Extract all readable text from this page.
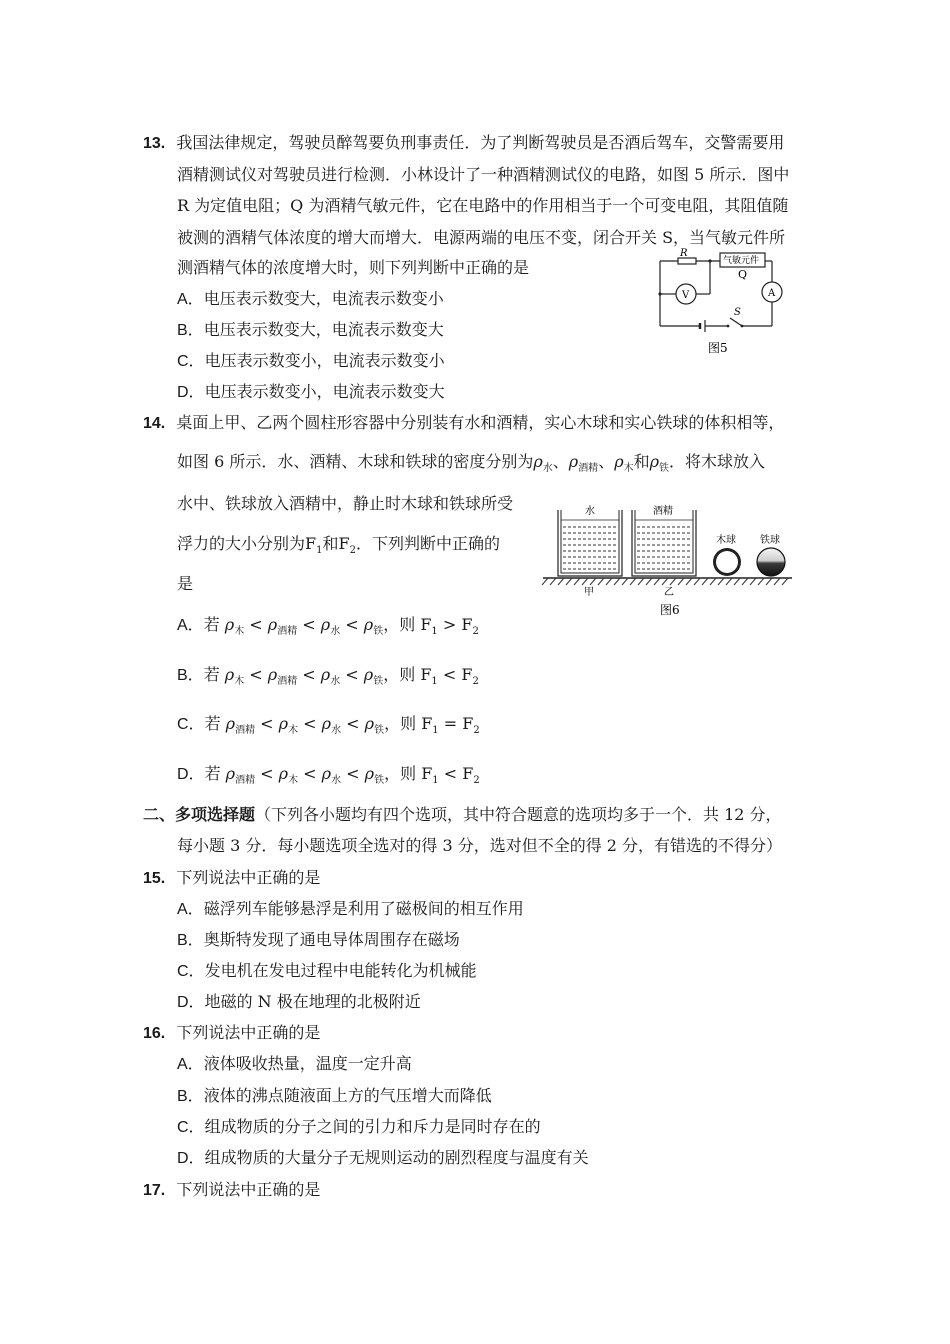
13. 我国法律规定，驾驶员醉驾要负刑事责任．为了判断驾驶员是否酒后驾车，交警需要用
酒精测试仪对驾驶员进行检测．小林设计了一种酒精测试仪的电路，如图 5 所示．图中
R 为定值电阻；Q 为酒精气敏元件，它在电路中的作用相当于一个可变电阻，其阻值随
被测的酒精气体浓度的增大而增大．电源两端的电压不变，闭合开关 S，当气敏元件所
测酒精气体的浓度增大时，则下列判断中正确的是
A．电压表示数变大，电流表示数变小
B．电压表示数变大，电流表示数变大
C．电压表示数变小，电流表示数变小
D．电压表示数变小，电流表示数变大
R
气敏元件
Q
V	A
S
图5
14. 桌面上甲、乙两个圆柱形容器中分别装有水和酒精，实心木球和实心铁球的体积相等，
如图 6 所示．水、酒精、木球和铁球的密度分别为$\rho_水$、$\rho_{酒精}$、$\rho_木$和$\rho_铁$．将木球放入
水中、铁球放入酒精中，静止时木球和铁球所受
浮力的大小分别为$F_1$和$F_2$．下列判断中正确的
是
A．若 $\rho_木 < \rho_{酒精} < \rho_水 < \rho_铁$，则 $F_1 > F_2$
B．若 $\rho_木 < \rho_{酒精} < \rho_水 < \rho_铁$，则 $F_1 < F_2$
C．若 $\rho_{酒精} < \rho_木 < \rho_水 < \rho_铁$，则 $F_1 = F_2$
D．若 $\rho_{酒精} < \rho_木 < \rho_水 < \rho_铁$，则 $F_1 < F_2$
水	酒精
木球 铁球
甲	乙
图6
二、多项选择题（下列各小题均有四个选项，其中符合题意的选项均多于一个．共 12 分，
每小题 3 分．每小题选项全选对的得 3 分，选对但不全的得 2 分，有错选的不得分）
15. 下列说法中正确的是
A．磁浮列车能够悬浮是利用了磁极间的相互作用
B．奥斯特发现了通电导体周围存在磁场
C．发电机在发电过程中电能转化为机械能
D．地磁的 N 极在地理的北极附近
16. 下列说法中正确的是
A．液体吸收热量，温度一定升高
B．液体的沸点随液面上方的气压增大而降低
C．组成物质的分子之间的引力和斥力是同时存在的
D．组成物质的大量分子无规则运动的剧烈程度与温度有关
17. 下列说法中正确的是
